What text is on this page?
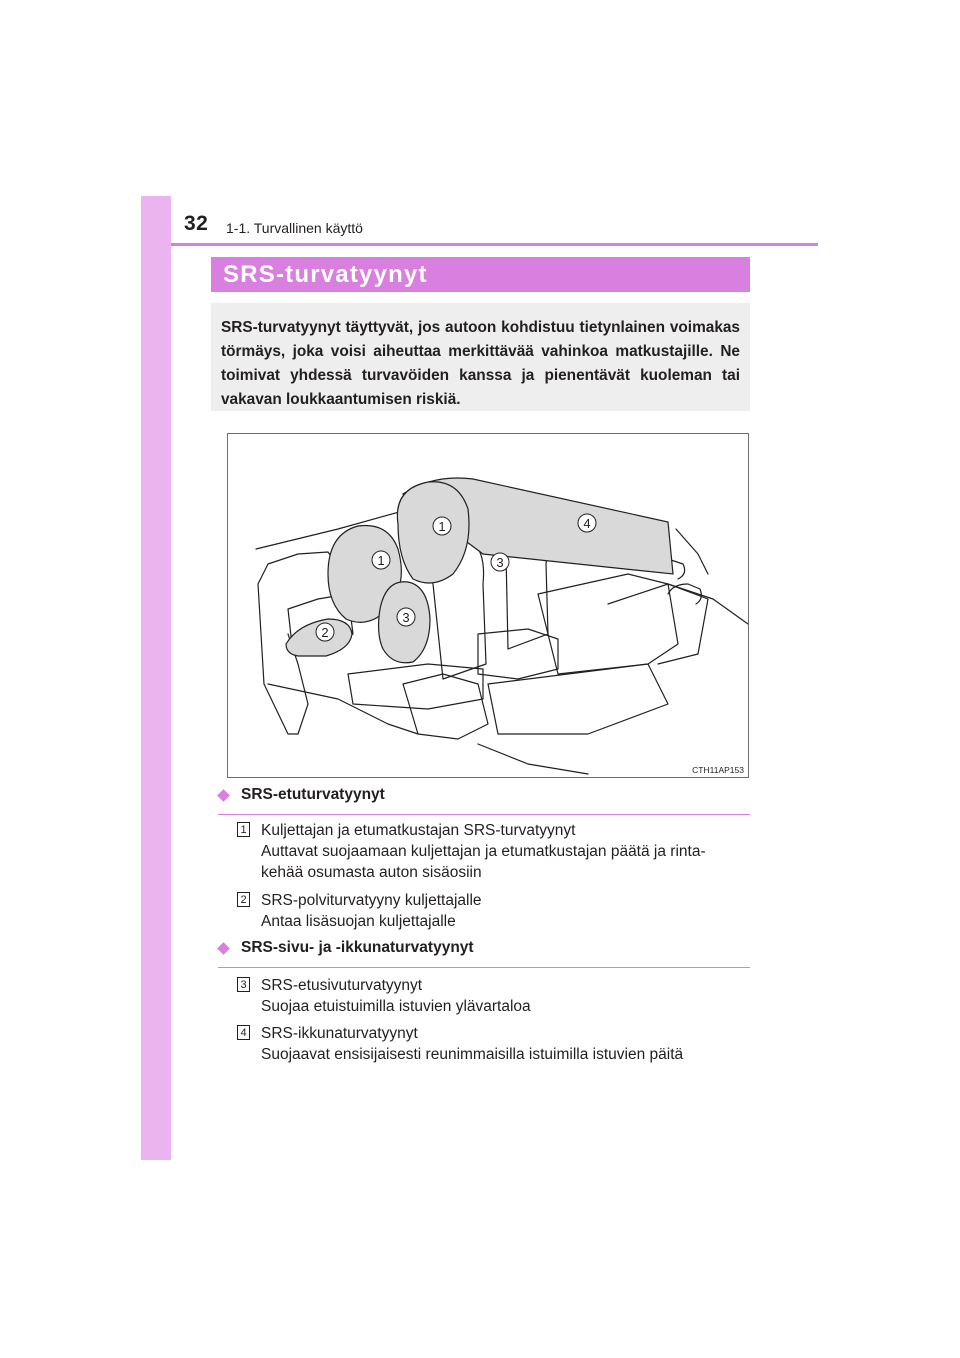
32 1-1. Turvallinen käyttö
SRS-turvatyynyt
SRS-turvatyynyt täyttyvät, jos autoon kohdistuu tietynlainen voimakas törmäys, joka voisi aiheuttaa merkittävää vahinkoa matkustajille. Ne toimivat yhdessä turvavöiden kanssa ja pienentävät kuoleman tai vakavan loukkaantumisen riskiä.
1
1
2
3
3
4
CTH11AP153
SRS-etuturvatyynyt
1 Kuljettajan ja etumatkustajan SRS-turvatyynyt
Auttavat suojaamaan kuljettajan ja etumatkustajan päätä ja rinta-
kehää osumasta auton sisäosiin
2 SRS-polviturvatyyny kuljettajalle
Antaa lisäsuojan kuljettajalle
SRS-sivu- ja -ikkunaturvatyynyt
3 SRS-etusivuturvatyynyt
Suojaa etuistuimilla istuvien ylävartaloa
4 SRS-ikkunaturvatyynyt
Suojaavat ensisijaisesti reunimmaisilla istuimilla istuvien päitä
